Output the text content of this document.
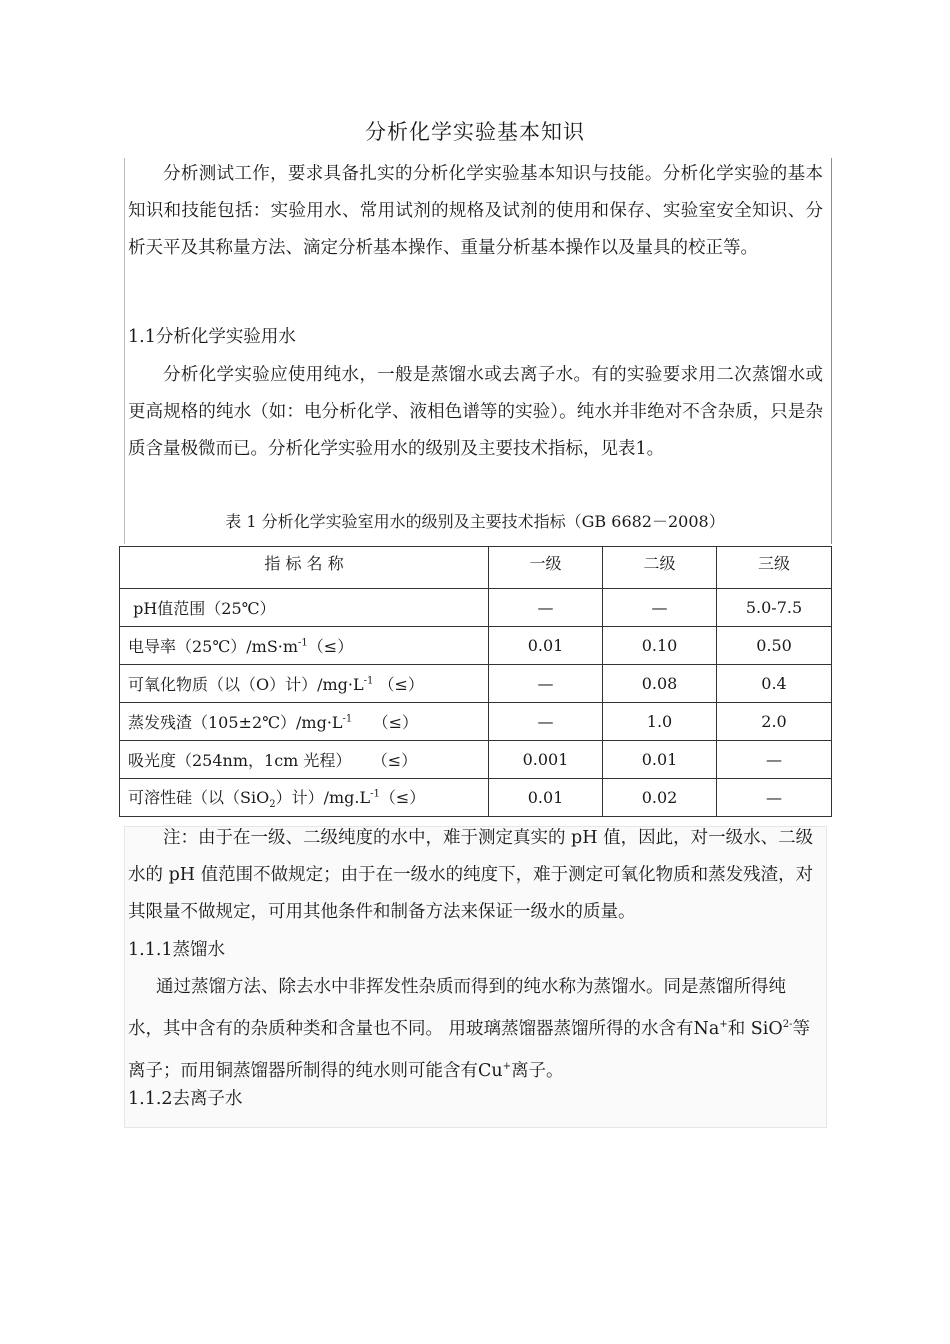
分析化学实验基本知识

分析测试工作，要求具备扎实的分析化学实验基本知识与技能。分析化学实验的基本知识和技能包括：实验用水、常用试剂的规格及试剂的使用和保存、实验室安全知识、分析天平及其称量方法、滴定分析基本操作、重量分析基本操作以及量具的校正等。

1.1分析化学实验用水

分析化学实验应使用纯水，一般是蒸馏水或去离子水。有的实验要求用二次蒸馏水或更高规格的纯水（如：电分析化学、液相色谱等的实验）。纯水并非绝对不含杂质，只是杂质含量极微而已。分析化学实验用水的级别及主要技术指标，见表1。

表 1 分析化学实验室用水的级别及主要技术指标（GB 6682－2008）
指 标 名 称	一级	二级	三级
pH值范围（25℃）	—	—	5.0-7.5
电导率$(25℃)/mS\cdot m^{-1}(\le)$	0.01	0.10	0.50
可氧化物质（以（O）计）$/mg\cdot L^{-1}$ （≤）	—	0.08	0.4
蒸发残渣$(105\pm 2℃)/mg\cdot L^{-1}$    （≤）	—	1.0	2.0
吸光度（254nm，1cm 光程）    （≤）	0.001	0.01	—
可溶性硅（以（SiO$_2$）计）$/mg.L^{-1}(\le)$	0.01	0.02	—

注：由于在一级、二级纯度的水中，难于测定真实的 pH 值，因此，对一级水、二级水的 pH 值范围不做规定；由于在一级水的纯度下，难于测定可氧化物质和蒸发残渣，对其限量不做规定，可用其他条件和制备方法来保证一级水的质量。

1.1.1蒸馏水

通过蒸馏方法、除去水中非挥发性杂质而得到的纯水称为蒸馏水。同是蒸馏所得纯水，其中含有的杂质种类和含量也不同。 用玻璃蒸馏器蒸馏所得的水含有Na+和 SiO$^{2-}$等离子；而用铜蒸馏器所制得的纯水则可能含有Cu+离子。

1.1.2去离子水
